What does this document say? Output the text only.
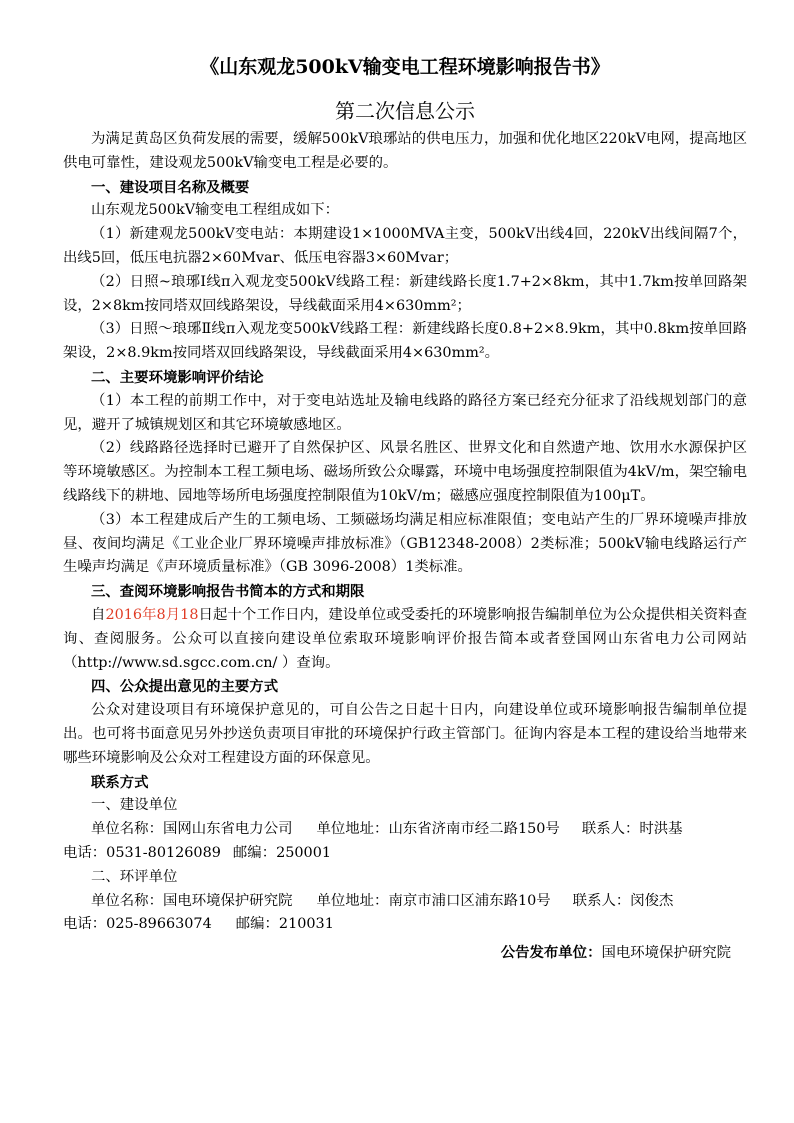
《山东观龙500kV输变电工程环境影响报告书》
第二次信息公示

为满足黄岛区负荷发展的需要，缓解500kV琅琊站的供电压力，加强和优化地区220kV电网，提高地区供电可靠性，建设观龙500kV输变电工程是必要的。

一、建设项目名称及概要

山东观龙500kV输变电工程组成如下：

（1）新建观龙500kV变电站：本期建设1×1000MVA主变，500kV出线4回，220kV出线间隔7个，出线5回，低压电抗器2×60Mvar、低压电容器3×60Mvar；

（2）日照~琅琊Ⅰ线π入观龙变500kV线路工程：新建线路长度1.7+2×8km，其中1.7km按单回路架设，2×8km按同塔双回线路架设，导线截面采用4×630mm²；

（3）日照～琅琊Ⅱ线π入观龙变500kV线路工程：新建线路长度0.8+2×8.9km，其中0.8km按单回路架设，2×8.9km按同塔双回线路架设，导线截面采用4×630mm²。

二、主要环境影响评价结论

（1）本工程的前期工作中，对于变电站选址及输电线路的路径方案已经充分征求了沿线规划部门的意见，避开了城镇规划区和其它环境敏感地区。

（2）线路路径选择时已避开了自然保护区、风景名胜区、世界文化和自然遗产地、饮用水水源保护区等环境敏感区。为控制本工程工频电场、磁场所致公众曝露，环境中电场强度控制限值为4kV/m，架空输电线路线下的耕地、园地等场所电场强度控制限值为10kV/m；磁感应强度控制限值为100μT。

（3）本工程建成后产生的工频电场、工频磁场均满足相应标准限值；变电站产生的厂界环境噪声排放昼、夜间均满足《工业企业厂界环境噪声排放标准》（GB12348-2008）2类标准；500kV输电线路运行产生噪声均满足《声环境质量标准》（GB 3096-2008）1类标准。

三、查阅环境影响报告书简本的方式和期限

自2016年8月18日起十个工作日内，建设单位或受委托的环境影响报告编制单位为公众提供相关资料查询、查阅服务。公众可以直接向建设单位索取环境影响评价报告简本或者登国网山东省电力公司网站（http://www.sd.sgcc.com.cn/ ）查询。

四、公众提出意见的主要方式

公众对建设项目有环境保护意见的，可自公告之日起十日内，向建设单位或环境影响报告编制单位提出。也可将书面意见另外抄送负责项目审批的环境保护行政主管部门。征询内容是本工程的建设给当地带来哪些环境影响及公众对工程建设方面的环保意见。

联系方式

一、建设单位

单位名称：国网山东省电力公司 单位地址：山东省济南市经二路150号 联系人：时洪基
电话：0531-80126089 邮编：250001

二、环评单位

单位名称：国电环境保护研究院 单位地址：南京市浦口区浦东路10号 联系人：闵俊杰
电话：025-89663074 邮编：210031
公告发布单位：国电环境保护研究院
